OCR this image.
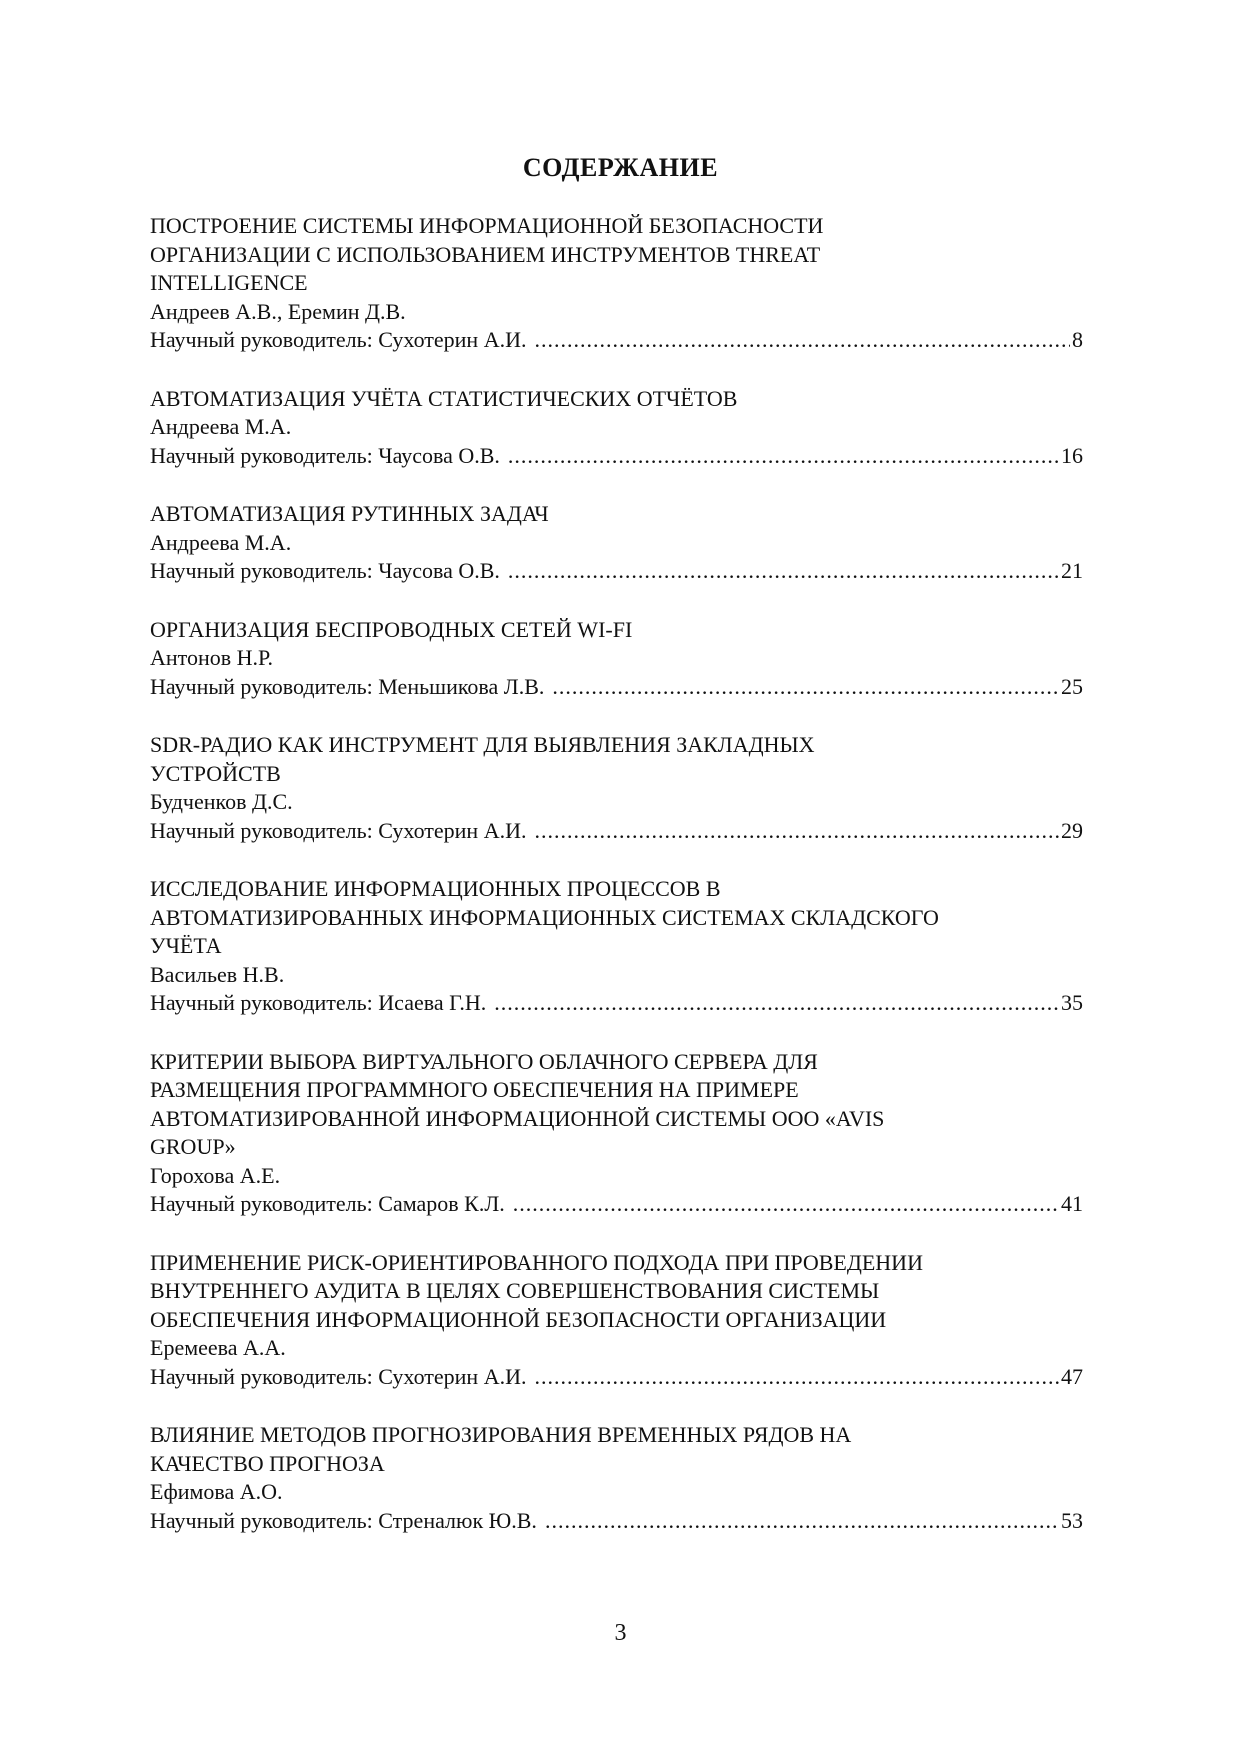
СОДЕРЖАНИЕ
ПОСТРОЕНИЕ СИСТЕМЫ ИНФОРМАЦИОННОЙ БЕЗОПАСНОСТИ ОРГАНИЗАЦИИ С ИСПОЛЬЗОВАНИЕМ ИНСТРУМЕНТОВ THREAT INTELLIGENCE
Андреев А.В., Еремин Д.В.
Научный руководитель: Сухотерин А.И. .....	8
АВТОМАТИЗАЦИЯ УЧЁТА СТАТИСТИЧЕСКИХ ОТЧЁТОВ
Андреева М.А.
Научный руководитель: Чаусова О.В. .....	16
АВТОМАТИЗАЦИЯ РУТИННЫХ ЗАДАЧ
Андреева М.А.
Научный руководитель: Чаусова О.В. .....	21
ОРГАНИЗАЦИЯ БЕСПРОВОДНЫХ СЕТЕЙ WI-FI
Антонов Н.Р.
Научный руководитель: Меньшикова Л.В. .....	25
SDR-РАДИО КАК ИНСТРУМЕНТ ДЛЯ ВЫЯВЛЕНИЯ ЗАКЛАДНЫХ УСТРОЙСТВ
Будченков Д.С.
Научный руководитель: Сухотерин А.И. .....	29
ИССЛЕДОВАНИЕ ИНФОРМАЦИОННЫХ ПРОЦЕССОВ В АВТОМАТИЗИРОВАННЫХ ИНФОРМАЦИОННЫХ СИСТЕМАХ СКЛАДСКОГО УЧЁТА
Васильев Н.В.
Научный руководитель: Исаева Г.Н. .....	35
КРИТЕРИИ ВЫБОРА ВИРТУАЛЬНОГО ОБЛАЧНОГО СЕРВЕРА ДЛЯ РАЗМЕЩЕНИЯ ПРОГРАММНОГО ОБЕСПЕЧЕНИЯ НА ПРИМЕРЕ АВТОМАТИЗИРОВАННОЙ ИНФОРМАЦИОННОЙ СИСТЕМЫ ООО «AVIS GROUP»
Горохова А.Е.
Научный руководитель: Самаров К.Л. .....	41
ПРИМЕНЕНИЕ РИСК-ОРИЕНТИРОВАННОГО ПОДХОДА ПРИ ПРОВЕДЕНИИ ВНУТРЕННЕГО АУДИТА В ЦЕЛЯХ СОВЕРШЕНСТВОВАНИЯ СИСТЕМЫ ОБЕСПЕЧЕНИЯ ИНФОРМАЦИОННОЙ БЕЗОПАСНОСТИ ОРГАНИЗАЦИИ
Еремеева А.А.
Научный руководитель: Сухотерин А.И. .....	47
ВЛИЯНИЕ МЕТОДОВ ПРОГНОЗИРОВАНИЯ ВРЕМЕННЫХ РЯДОВ НА КАЧЕСТВО ПРОГНОЗА
Ефимова А.О.
Научный руководитель: Стреналюк Ю.В. .....	53
3
